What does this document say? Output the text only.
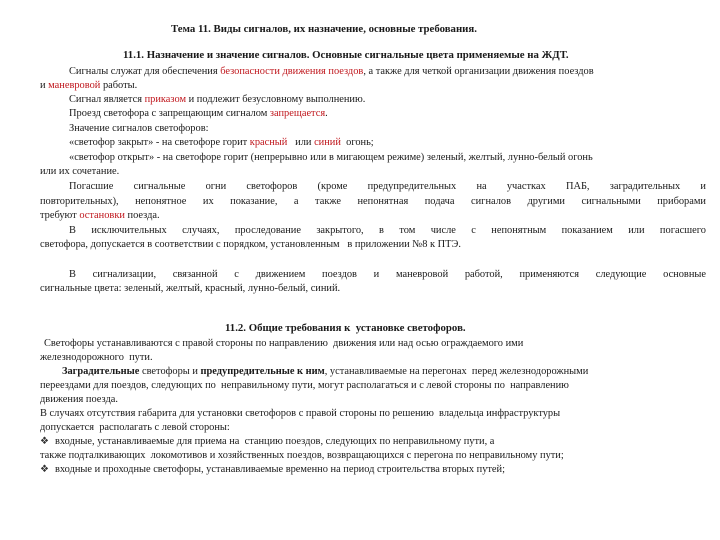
Тема 11. Виды сигналов, их назначение, основные требования.
11.1. Назначение и значение сигналов. Основные сигнальные цвета применяемые на ЖДТ.
Сигналы служат для обеспечения безопасности движения поездов, а также для четкой организации движения поездов
и маневровой работы.
Сигнал является приказом и подлежит безусловному выполнению.
Проезд светофора с запрещающим сигналом запрещается.
Значение сигналов светофоров:
«светофор закрыт» - на светофоре горит красный   или синий  огонь;
«светофор открыт» - на светофоре горит (непрерывно или в мигающем режиме) зеленый, желтый, лунно-белый огонь
или их сочетание.
Погасшие сигнальные огни светофоров (кроме предупредительных на участках ПАБ, заградительных и
повторительных), непонятное их показание, а также непонятная подача сигналов другими сигнальными приборами
требуют остановки поезда.
В исключительных случаях, проследование закрытого, в том числе с непонятным показанием или погасшего
светофора, допускается в соответствии с порядком, установленным   в приложении №8 к ПТЭ.
В сигнализации, связанной с движением поездов и маневровой работой, применяются следующие основные
сигнальные цвета: зеленый, желтый, красный, лунно-белый, синий.
11.2. Общие требования к  установке светофоров.
Светофоры устанавливаются с правой стороны по направлению  движения или над осью ограждаемого ими
железнодорожного  пути.
Заградительные светофоры и предупредительные к ним, устанавливаемые на перегонах  перед железнодорожными
переездами для поездов, следующих по  неправильному пути, могут располагаться и с левой стороны по  направлению
движения поезда.
В случаях отсутствия габарита для установки светофоров с правой стороны по решению  владельца инфраструктуры
допускается  располагать с левой стороны:
❖ входные, устанавливаемые для приема на  станцию поездов, следующих по неправильному пути, а
также подталкивающих  локомотивов и хозяйственных поездов, возвращающихся с перегона по неправильному пути;
❖ входные и проходные светофоры, устанавливаемые временно на период строительства вторых путей;
